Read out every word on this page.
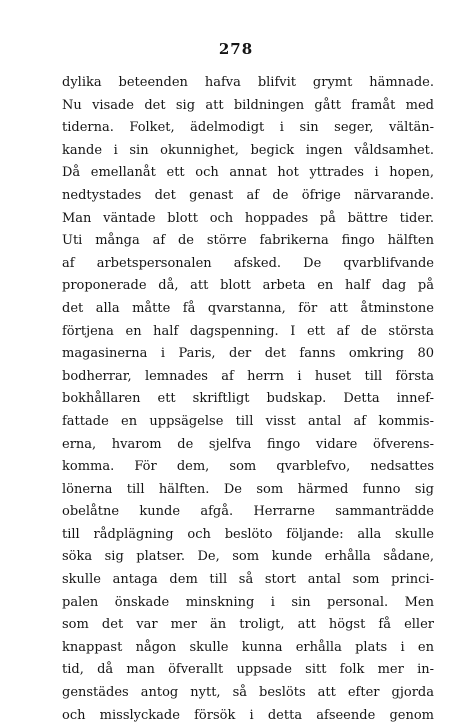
278
dylika beteenden hafva blifvit grymt hämnade.
Nu visade det sig att bildningen gått framåt med
tiderna. Folket, ädelmodigt i sin seger, vältän-
kande i sin okunnighet, begick ingen våldsamhet.
Då emellanåt ett och annat hot yttrades i hopen,
nedtystades det genast af de öfrige närvarande.
Man väntade blott och hoppades på bättre tider.
Uti många af de större fabrikerna fingo hälften
af arbetspersonalen afsked. De qvarblifvande
proponerade då, att blott arbeta en half dag på
det alla måtte få qvarstanna, för att åtminstone
förtjena en half dagspenning. I ett af de största
magasinerna i Paris, der det fanns omkring 80
bodherrar, lemnades af herrn i huset till första
bokhållaren ett skriftligt budskap. Detta innef-
fattade en uppsägelse till visst antal af kommis-
erna, hvarom de sjelfva fingo vidare öfverens-
komma. För dem, som qvarblefvo, nedsattes
lönerna till hälften. De som härmed funno sig
obelåtne kunde afgå. Herrarne sammanträdde
till rådplägning och beslöto följande: alla skulle
söka sig platser. De, som kunde erhålla sådane,
skulle antaga dem till så stort antal som princi-
palen önskade minskning i sin personal. Men
som det var mer än troligt, att högst få eller
knappast någon skulle kunna erhålla plats i en
tid, då man öfverallt uppsade sitt folk mer in-
genstädes antog nytt, så beslöts att efter gjorda
och misslyckade försök i detta afseende genom
